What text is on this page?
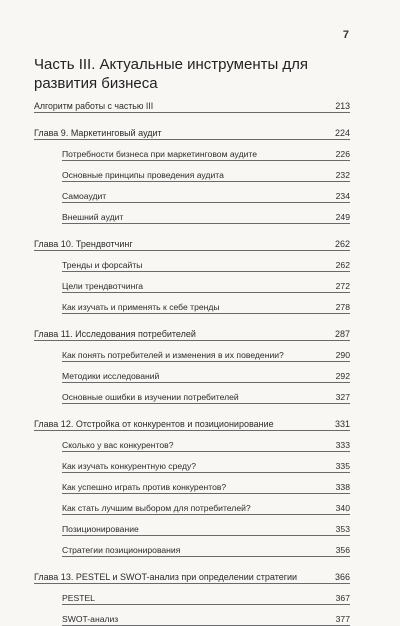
7
Часть III. Актуальные инструменты для развития бизнеса
Алгоритм работы с частью III	213
Глава 9. Маркетинговый аудит	224
Потребности бизнеса при маркетинговом аудите	226
Основные принципы проведения аудита	232
Самоаудит	234
Внешний аудит	249
Глава 10. Трендвотчинг	262
Тренды и форсайты	262
Цели трендвотчинга	272
Как изучать и применять к себе тренды	278
Глава 11. Исследования потребителей	287
Как понять потребителей и изменения в их поведении?	290
Методики исследований	292
Основные ошибки в изучении потребителей	327
Глава 12. Отстройка от конкурентов и позиционирование	331
Сколько у вас конкурентов?	333
Как изучать конкурентную среду?	335
Как успешно играть против конкурентов?	338
Как стать лучшим выбором для потребителей?	340
Позиционирование	353
Стратегии позиционирования	356
Глава 13. PESTEL и SWOT-анализ при определении стратегии	366
PESTEL	367
SWOT-анализ	377
